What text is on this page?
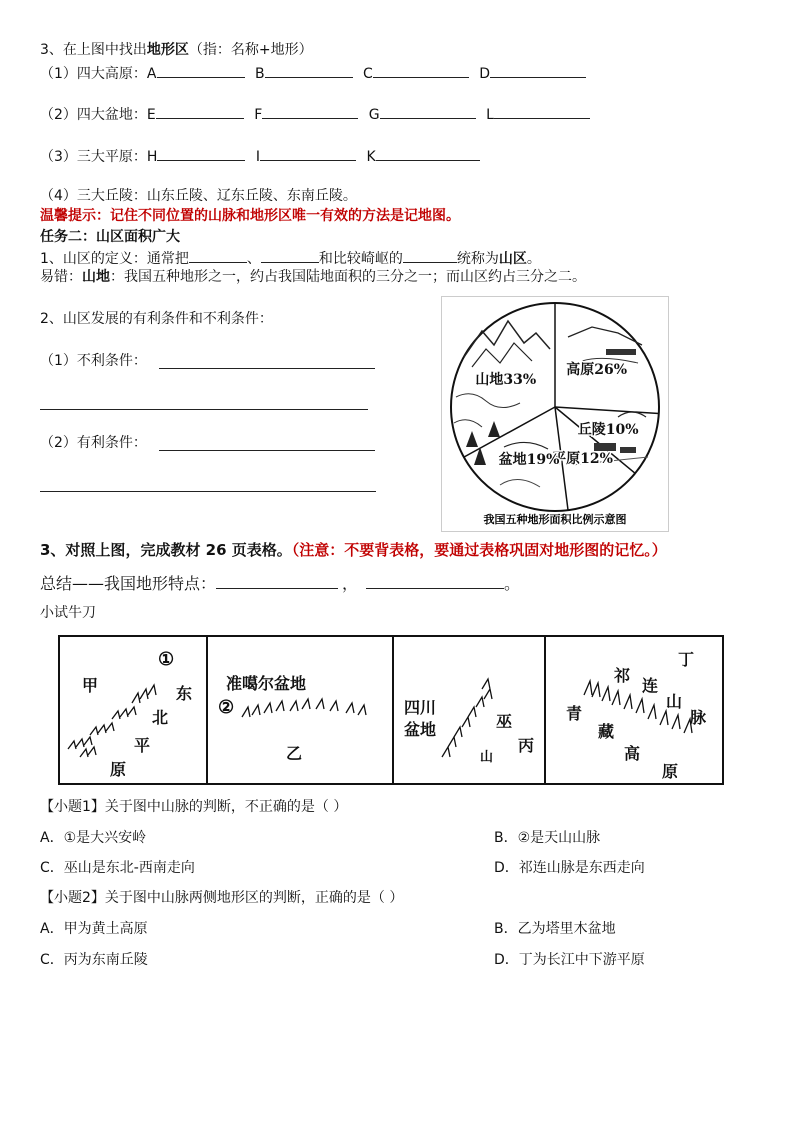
3、在上图中找出地形区（指：名称+地形）
（1）四大高原：A	B	C	D
（2）四大盆地：E	F	G	L
（3）三大平原：H	I	K
（4）三大丘陵：山东丘陵、辽东丘陵、东南丘陵。
温馨提示：记住不同位置的山脉和地形区唯一有效的方法是记地图。
任务二：山区面积广大
1、山区的定义：通常把	、	和比较崎岖的	统称为山区。
易错：山地：我国五种地形之一，约占我国陆地面积的三分之一；而山区约占三分之二。
2、山区发展的有利条件和不利条件：
（1）不利条件：
（2）有利条件：
高原26%
丘陵10%
平原12%
盆地19%
山地33%
我国五种地形面积比例示意图
3、对照上图，完成教材 26 页表格。（注意：不要背表格，要通过表格巩固对地形图的记忆。）
总结——我国地形特点：	，	。
小试牛刀
①
甲	东
北
平
原
准噶尔盆地
②
乙
四川
盆地	巫
山
丙
丁
祁
连
山
脉
青
藏
高
原
【小题1】关于图中山脉的判断，不正确的是（ ）
A．①是大兴安岭	B．②是天山山脉
C．巫山是东北-西南走向	D．祁连山脉是东西走向
【小题2】关于图中山脉两侧地形区的判断，正确的是（ ）
A．甲为黄土高原	B．乙为塔里木盆地
C．丙为东南丘陵	D．丁为长江中下游平原
